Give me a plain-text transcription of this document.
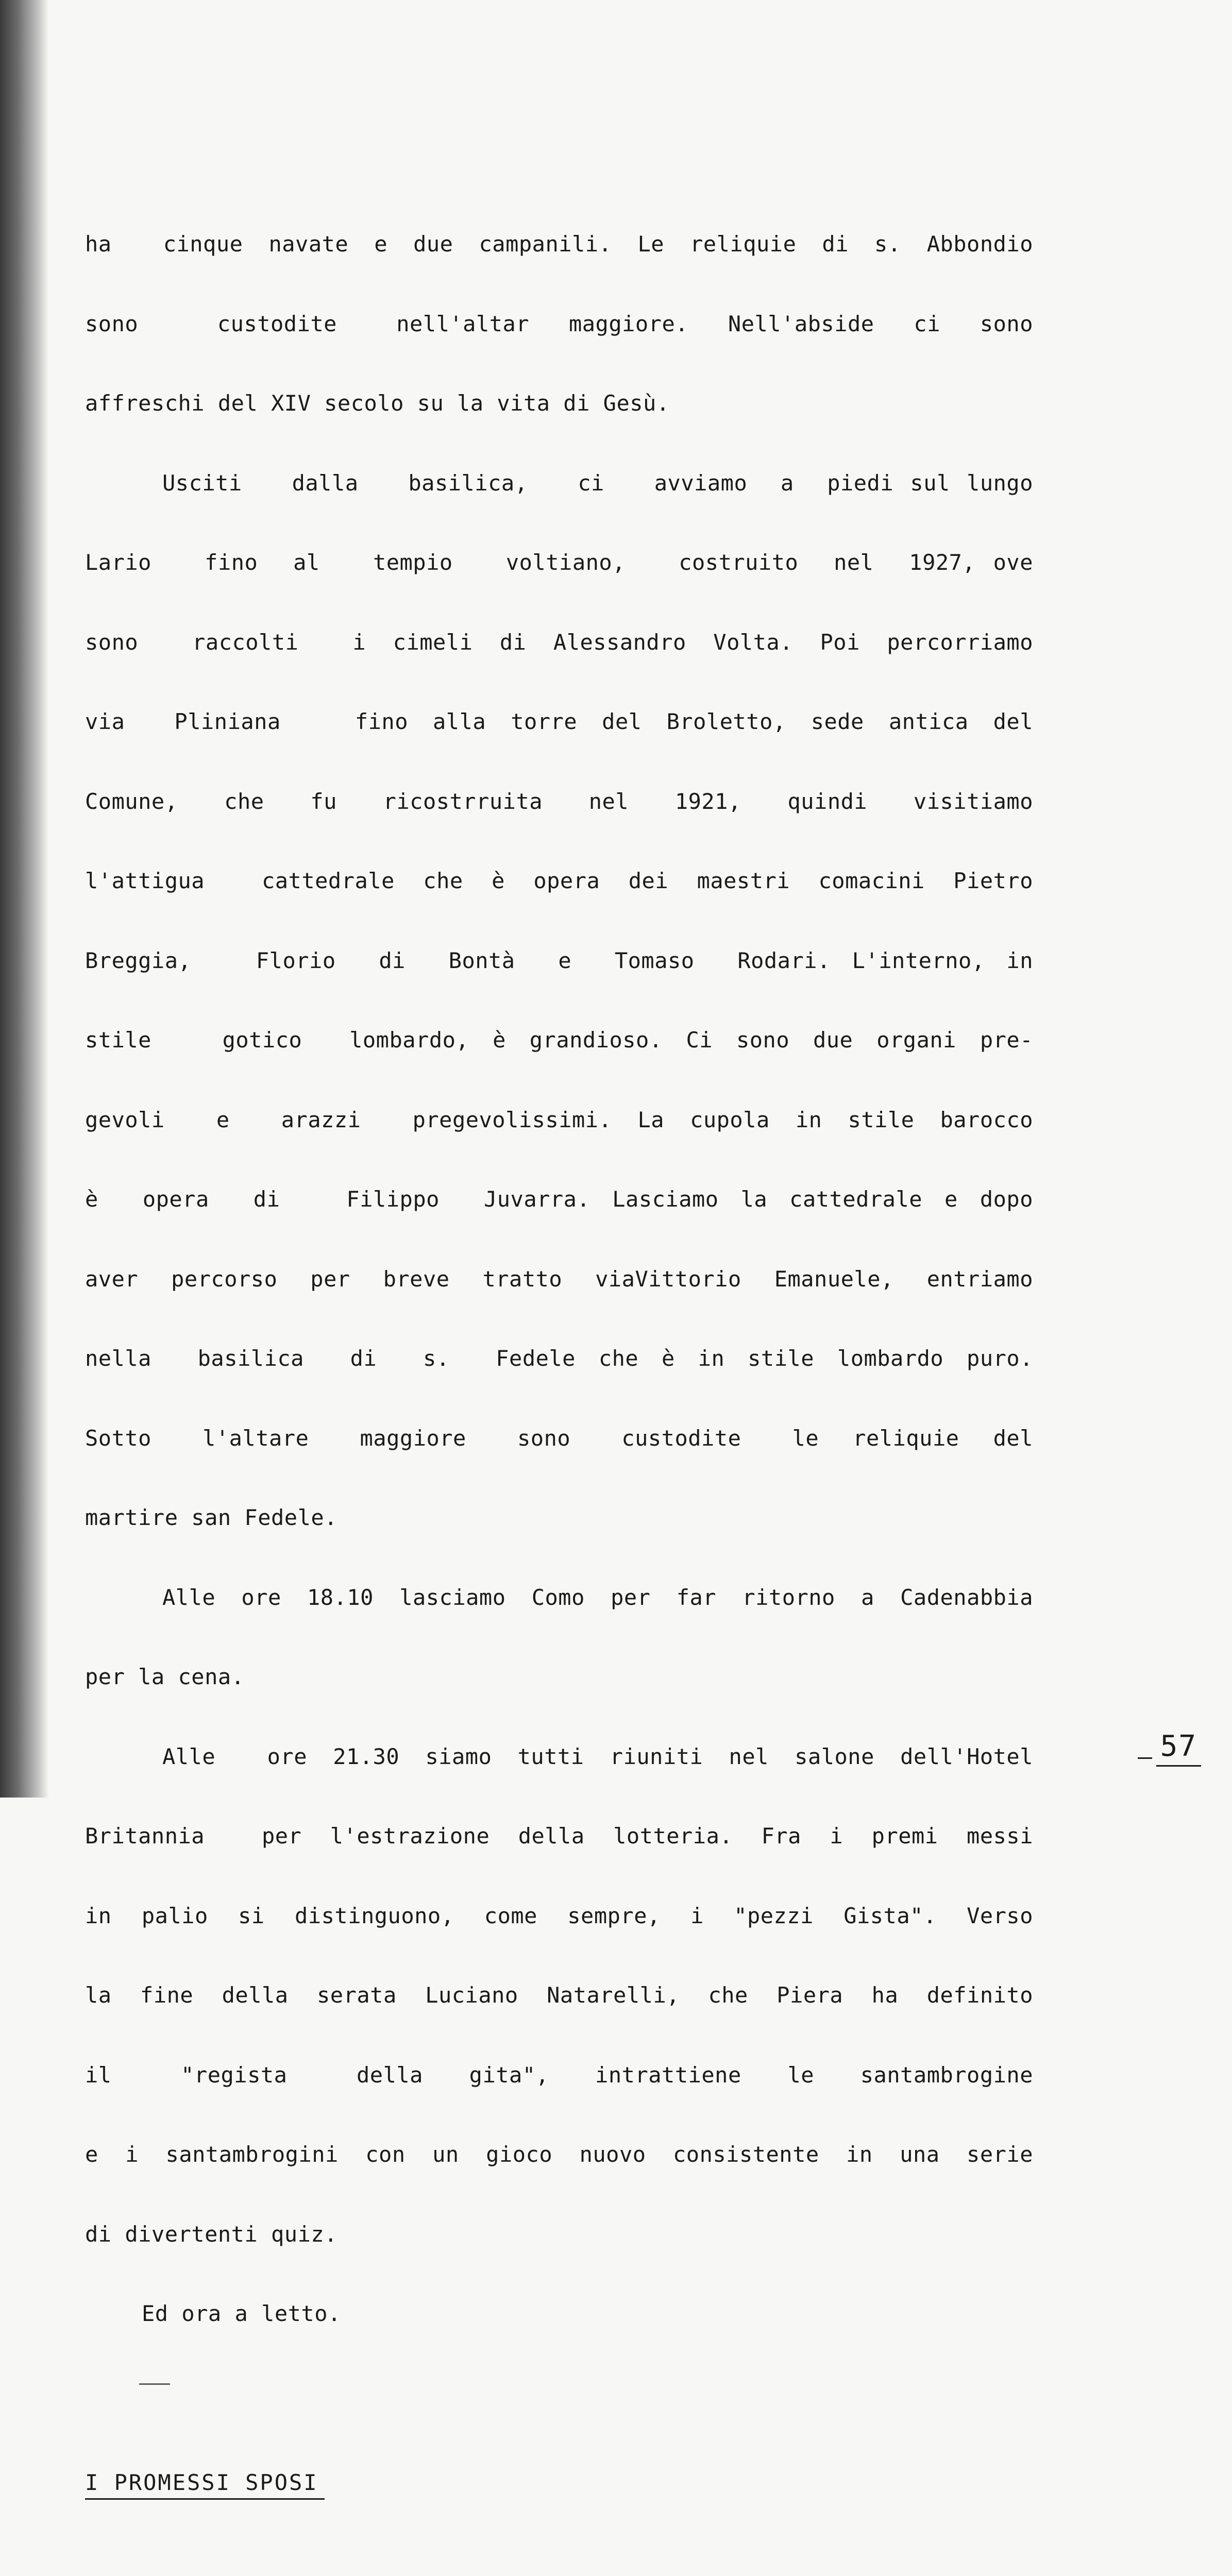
ha  cinque navate e due campanili. Le reliquie di s. Abbondio

sono    custodite   nell'altar  maggiore.  Nell'abside  ci  sono

affreschi del XIV secolo su la vita di Gesù.

Usciti   dalla   basilica,   ci   avviamo  a  piedi sul lungo

Lario   fino  al   tempio   voltiano,   costruito  nel  1927, ove

sono  raccolti  i cimeli di Alessandro Volta. Poi percorriamo

via  Pliniana   fino alla torre del Broletto, sede antica del

Comune,  che  fu  ricostrruita  nel  1921,  quindi  visitiamo

l'attigua  cattedrale che è opera dei maestri comacini Pietro

Breggia,   Florio  di  Bontà  e  Tomaso  Rodari. L'interno, in

stile   gotico  lombardo, è grandioso. Ci sono due organi pre-

gevoli  e  arazzi  pregevolissimi. La cupola in stile barocco

è  opera  di   Filippo  Juvarra. Lasciamo la cattedrale e dopo

aver percorso per breve tratto viaVittorio Emanuele, entriamo

nella  basilica  di  s.  Fedele che è in stile lombardo puro.

Sotto   l'altare   maggiore   sono   custodite   le  reliquie  del

martire san Fedele.

Alle ore 18.10 lasciamo Como per far ritorno a Cadenabbia

per la cena.

Alle  ore 21.30 siamo tutti riuniti nel salone dell'Hotel

Britannia  per l'estrazione della lotteria. Fra i premi messi

in palio si distinguono, come sempre, i "pezzi Gista". Verso

la fine della serata Luciano Natarelli, che Piera ha definito

il   "regista   della  gita",  intrattiene  le  santambrogine

e i santambrogini con un gioco nuovo consistente in una serie

di divertenti quiz.

Ed ora a letto.

I PROMESSI SPOSI

57
